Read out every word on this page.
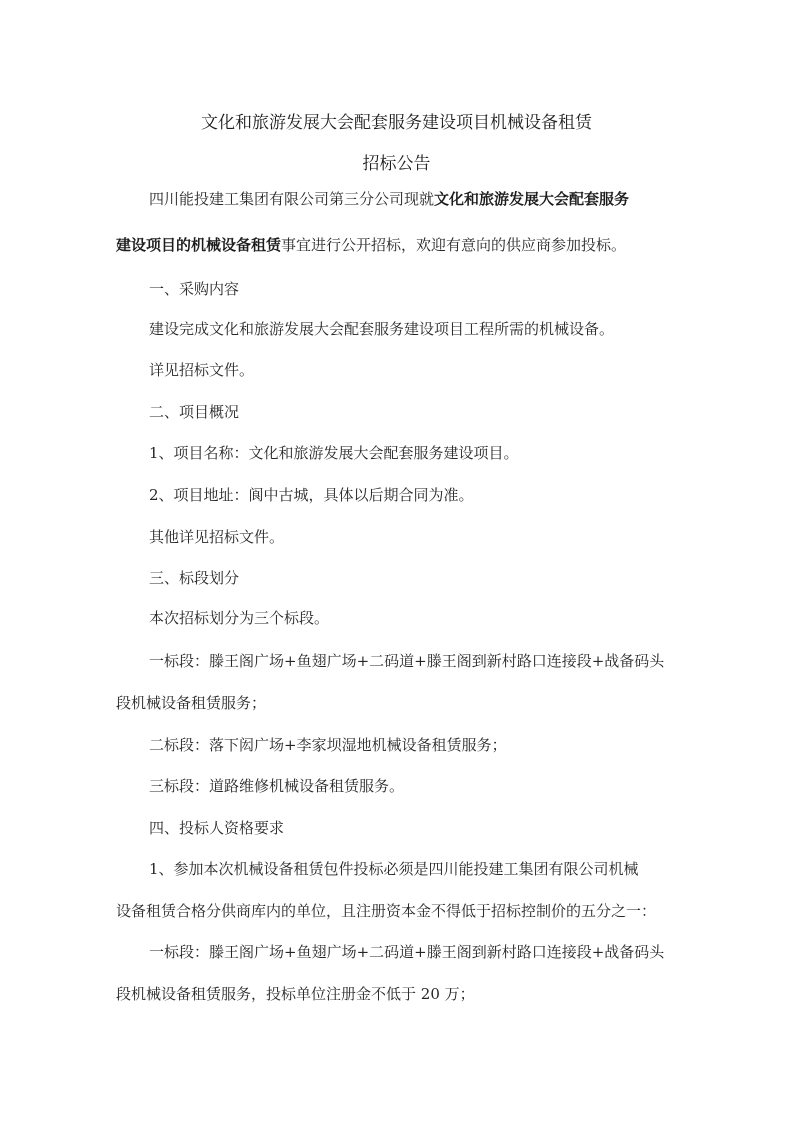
文化和旅游发展大会配套服务建设项目机械设备租赁
招标公告
四川能投建工集团有限公司第三分公司现就文化和旅游发展大会配套服务
建设项目的机械设备租赁事宜进行公开招标，欢迎有意向的供应商参加投标。
一、采购内容
建设完成文化和旅游发展大会配套服务建设项目工程所需的机械设备。
详见招标文件。
二、项目概况
1、项目名称：文化和旅游发展大会配套服务建设项目。
2、项目地址：阆中古城，具体以后期合同为准。
其他详见招标文件。
三、标段划分
本次招标划分为三个标段。
一标段：滕王阁广场+鱼翅广场+二码道+滕王阁到新村路口连接段+战备码头
段机械设备租赁服务；
二标段：落下闳广场+李家坝湿地机械设备租赁服务；
三标段：道路维修机械设备租赁服务。
四、投标人资格要求
1、参加本次机械设备租赁包件投标必须是四川能投建工集团有限公司机械
设备租赁合格分供商库内的单位，且注册资本金不得低于招标控制价的五分之一：
一标段：滕王阁广场+鱼翅广场+二码道+滕王阁到新村路口连接段+战备码头
段机械设备租赁服务，投标单位注册金不低于 20 万；
